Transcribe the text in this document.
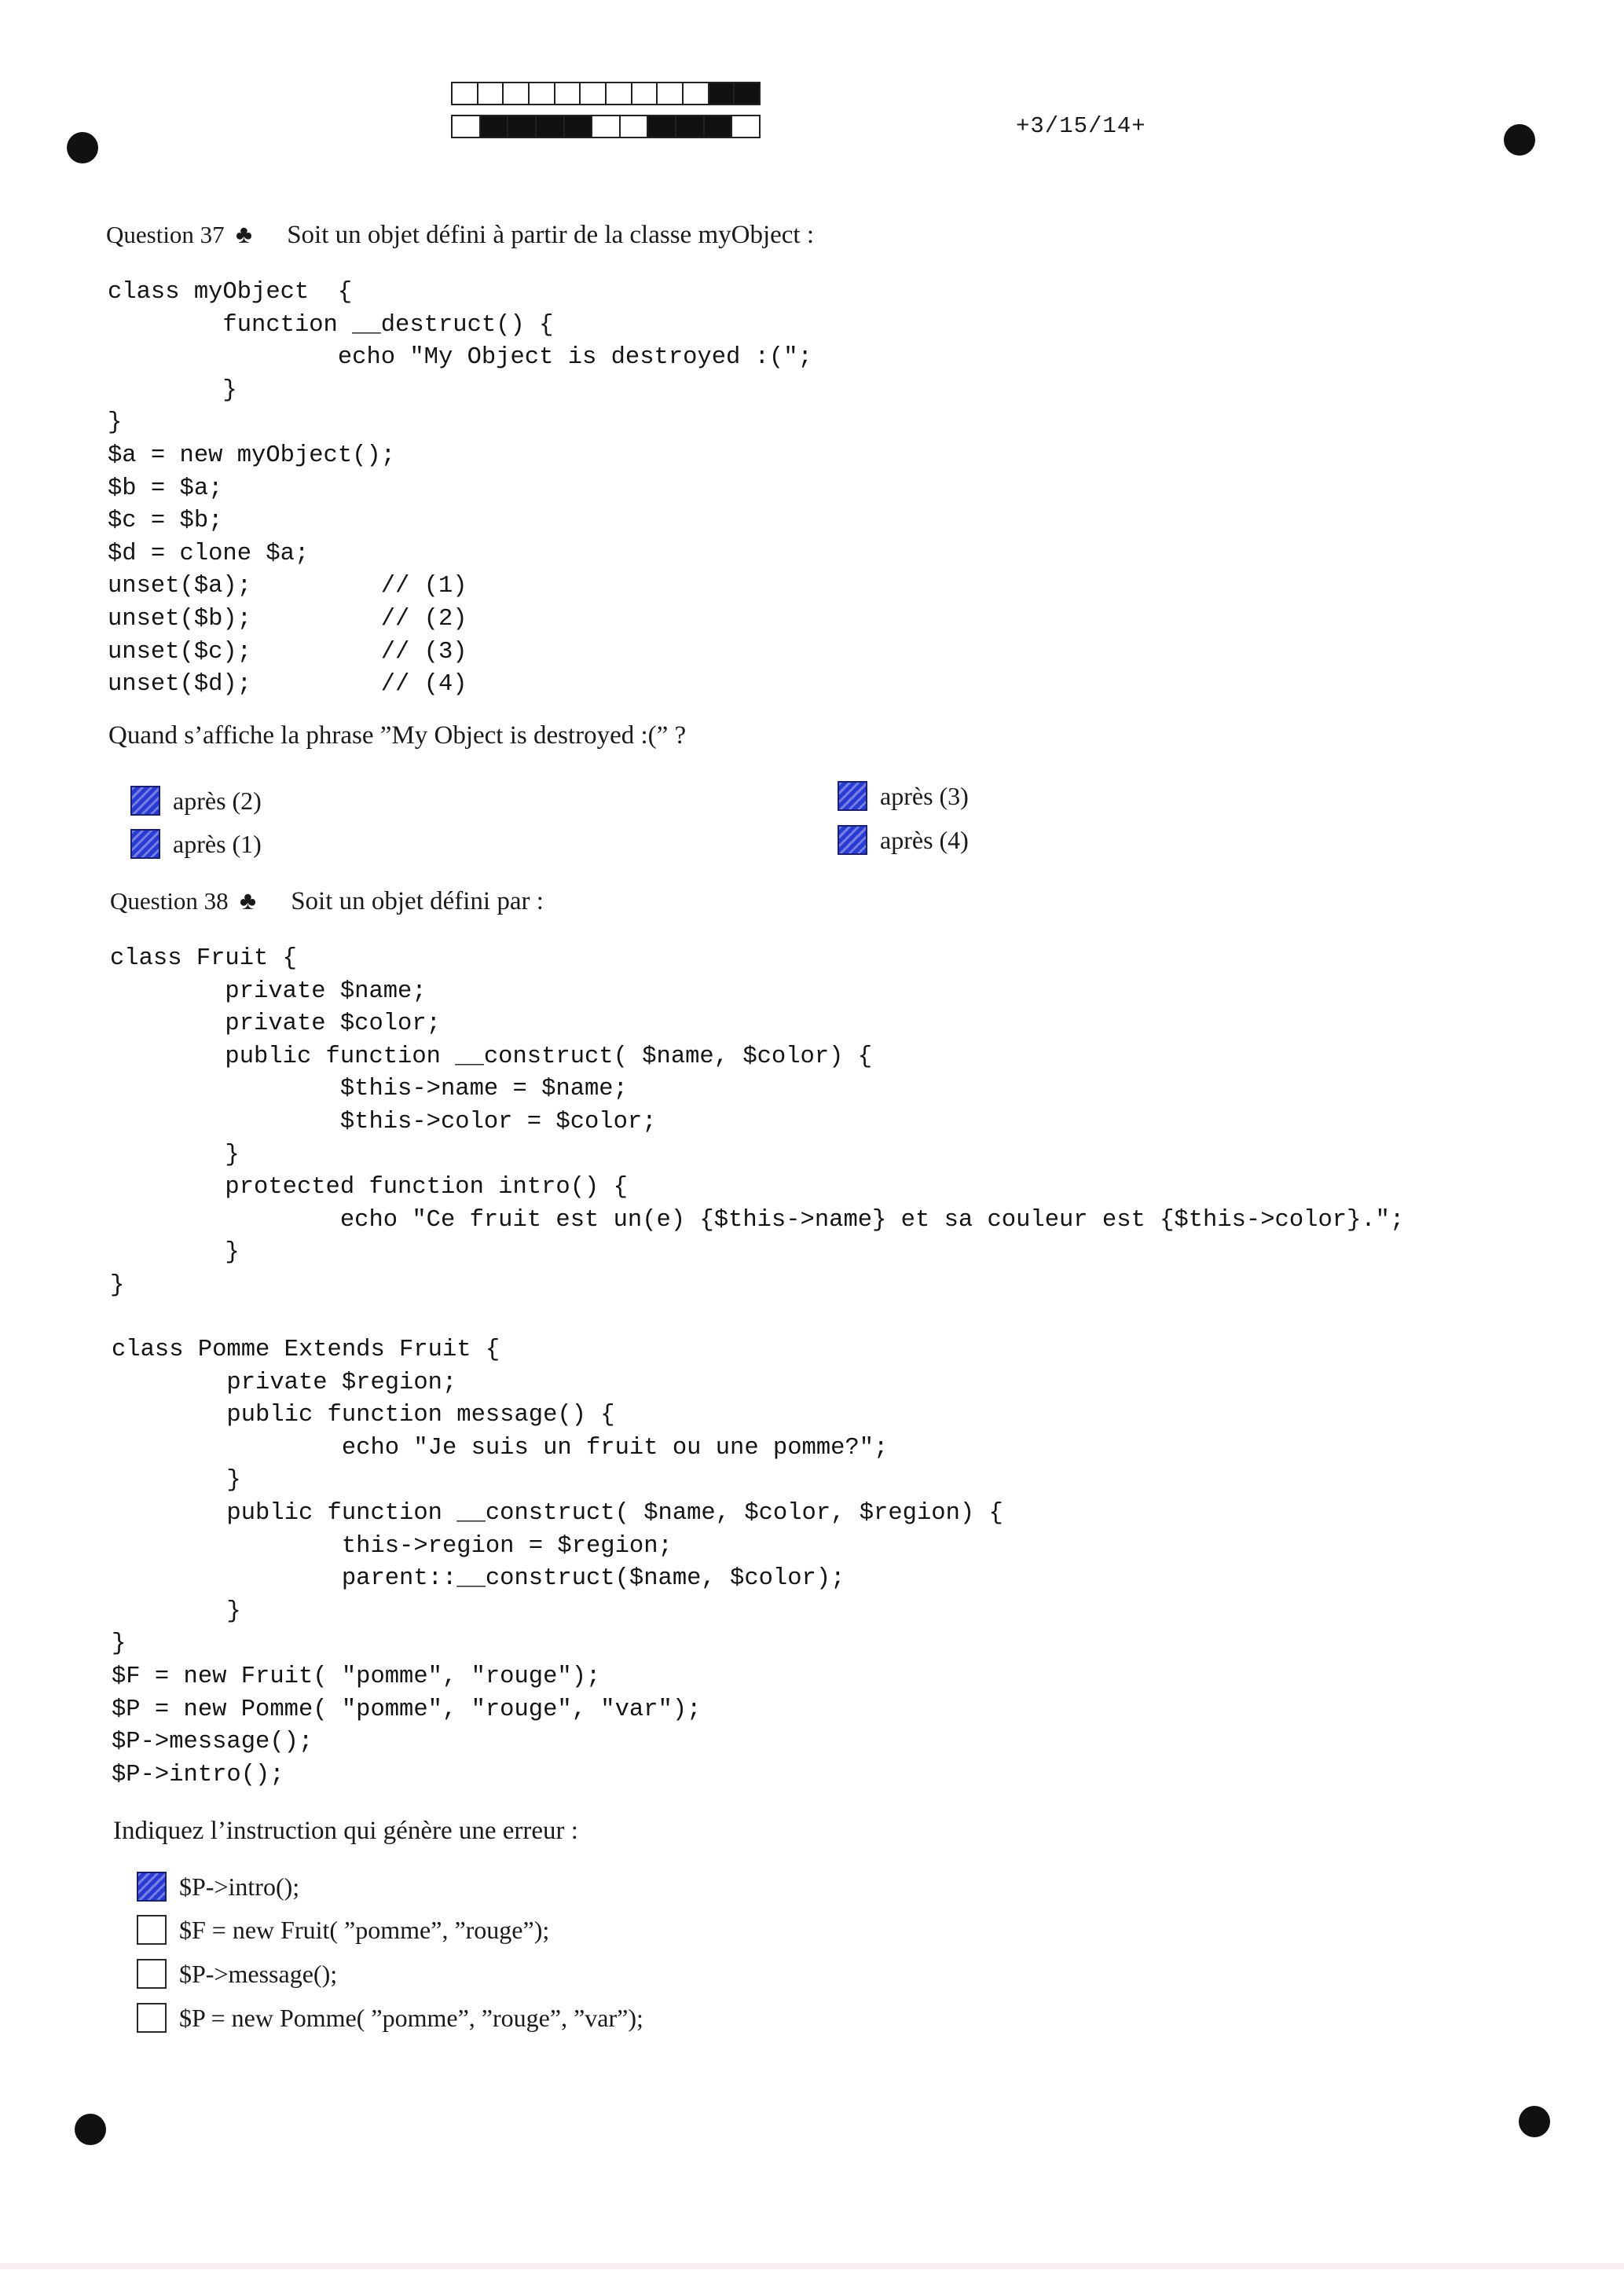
+3/15/14+
Question 37 ♣ Soit un objet défini à partir de la classe myObject :
class myObject  {
function __destruct() {
echo "My Object is destroyed :(";
}
}
$a = new myObject();
$b = $a;
$c = $b;
$d = clone $a;
unset($a);         // (1)
unset($b);         // (2)
unset($c);         // (3)
unset($d);         // (4)
Quand s’affiche la phrase ”My Object is destroyed :(” ?
après (2)
après (1)
après (3)
après (4)
Question 38 ♣ Soit un objet défini par :
class Fruit {
private $name;
private $color;
public function __construct( $name, $color) {
$this->name = $name;
$this->color = $color;
}
protected function intro() {
echo "Ce fruit est un(e) {$this->name} et sa couleur est {$this->color}.";
}
}
class Pomme Extends Fruit {
private $region;
public function message() {
echo "Je suis un fruit ou une pomme?";
}
public function __construct( $name, $color, $region) {
this->region = $region;
parent::__construct($name, $color);
}
}
$F = new Fruit( "pomme", "rouge");
$P = new Pomme( "pomme", "rouge", "var");
$P->message();
$P->intro();
Indiquez l’instruction qui génère une erreur :
$P->intro();
$F = new Fruit( ”pomme”, ”rouge”);
$P->message();
$P = new Pomme( ”pomme”, ”rouge”, ”var”);
